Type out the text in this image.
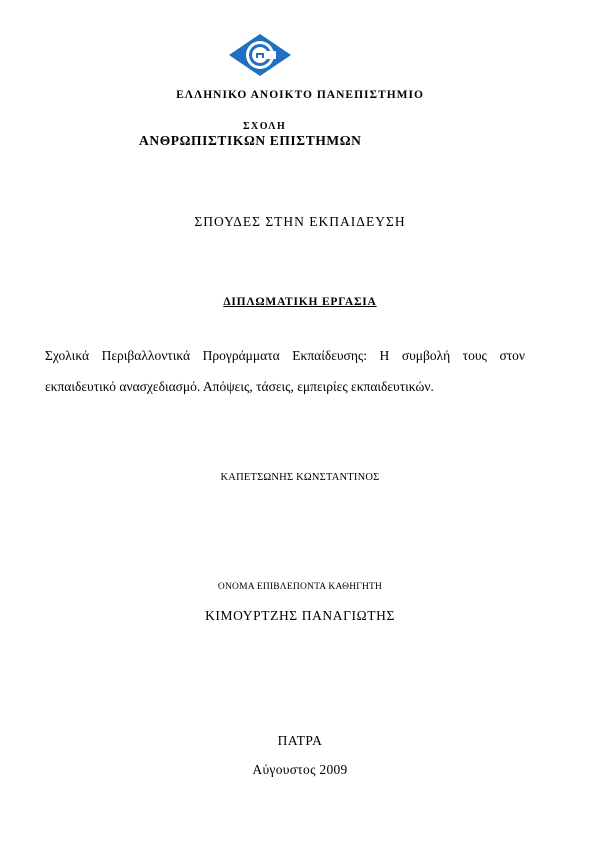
ΕΛΛΗΝΙΚΟ ΑΝΟΙΚΤΟ ΠΑΝΕΠΙΣΤΗΜΙΟ
ΣΧΟΛΗ
ΑΝΘΡΩΠΙΣΤΙΚΩΝ ΕΠΙΣΤΗΜΩΝ
ΣΠΟΥΔΕΣ ΣΤΗΝ ΕΚΠΑΙΔΕΥΣΗ
ΔΙΠΛΩΜΑΤΙΚΗ ΕΡΓΑΣΙΑ
Σχολικά Περιβαλλοντικά Προγράμματα Εκπαίδευσης: Η συμβολή τους στον
εκπαιδευτικό ανασχεδιασμό. Απόψεις, τάσεις, εμπειρίες εκπαιδευτικών.
ΚΑΠΕΤΣΩΝΗΣ ΚΩΝΣΤΑΝΤΙΝΟΣ
ΟΝΟΜΑ ΕΠΙΒΛΕΠΟΝΤΑ ΚΑΘΗΓΗΤΗ
ΚΙΜΟΥΡΤΖΗΣ ΠΑΝΑΓΙΩΤΗΣ
ΠΑΤΡΑ
Αύγουστος 2009
